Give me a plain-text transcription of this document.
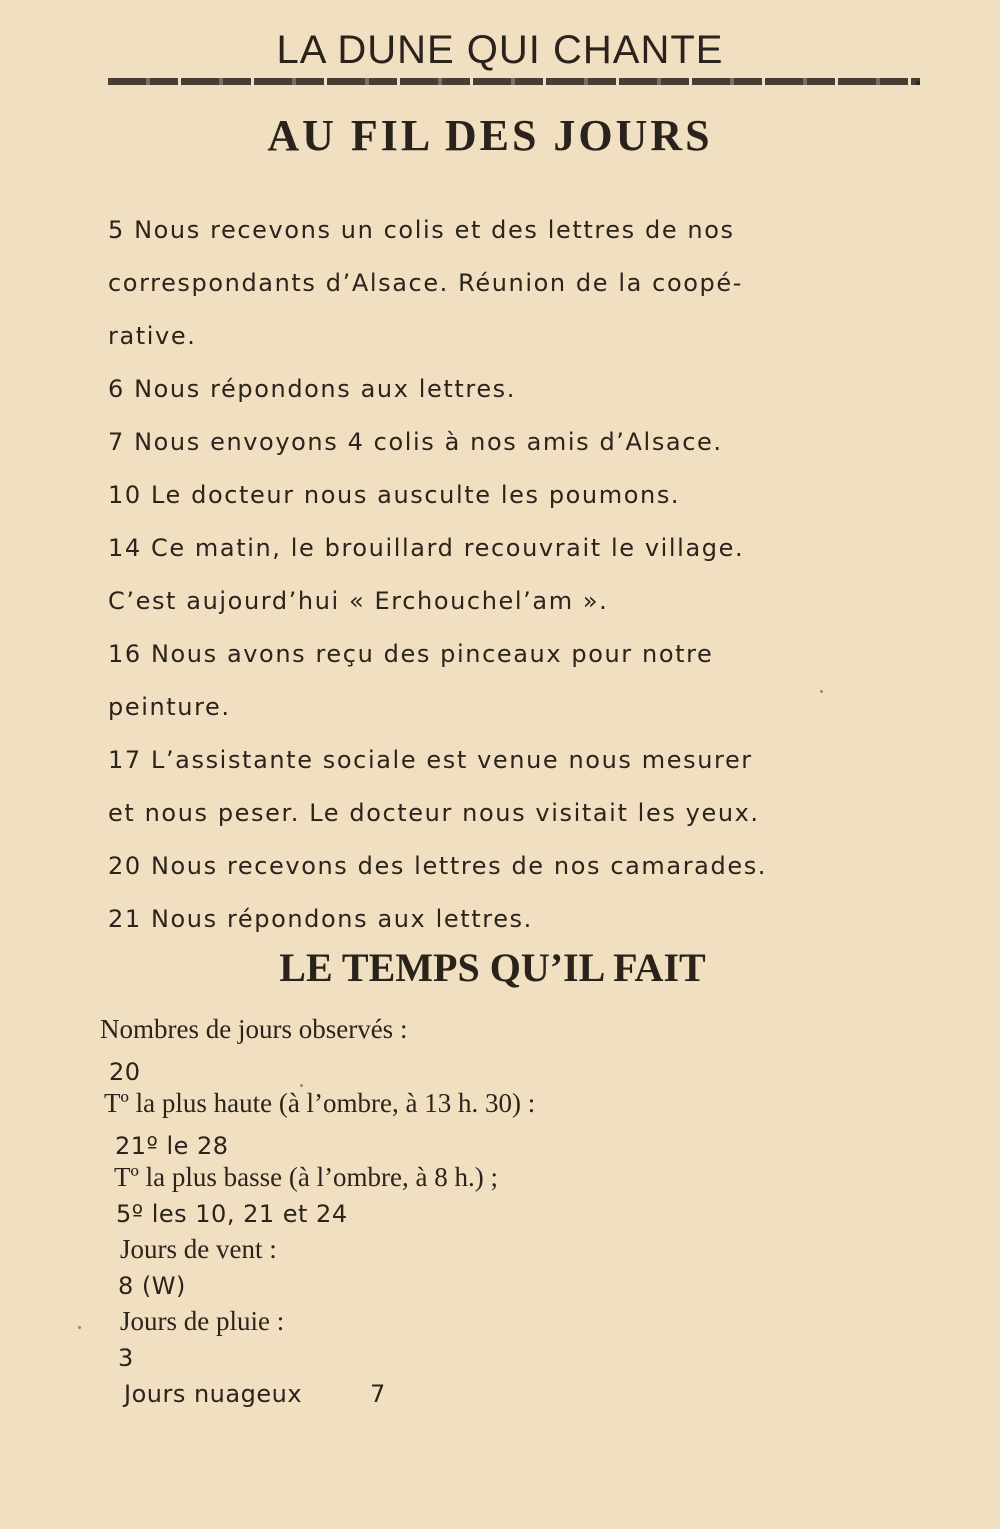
LA DUNE QUI CHANTE
•
AU FIL DES JOURS
5 Nous recevons un colis et des lettres de nos
correspondants d’Alsace. Réunion de la coopé-
rative.
6 Nous répondons aux lettres.
7 Nous envoyons 4 colis à nos amis d’Alsace.
10 Le docteur nous ausculte les poumons.
14 Ce matin, le brouillard recouvrait le village.
C’est aujourd’hui « Erchouchel’am ».
16 Nous avons reçu des pinceaux pour notre
peinture.
17 L’assistante sociale est venue nous mesurer
et nous peser. Le docteur nous visitait les yeux.
20 Nous recevons des lettres de nos camarades.
21 Nous répondons aux lettres.
LE TEMPS QU’IL FAIT
Nombres de jours observés :
20
Tº la plus haute (à l’ombre, à 13 h. 30) :
21º le 28
Tº la plus basse (à l’ombre, à 8 h.) ;
5º les 10, 21 et 24
Jours de vent :
8 (W)
Jours de pluie :
3
Jours nuageux	7
